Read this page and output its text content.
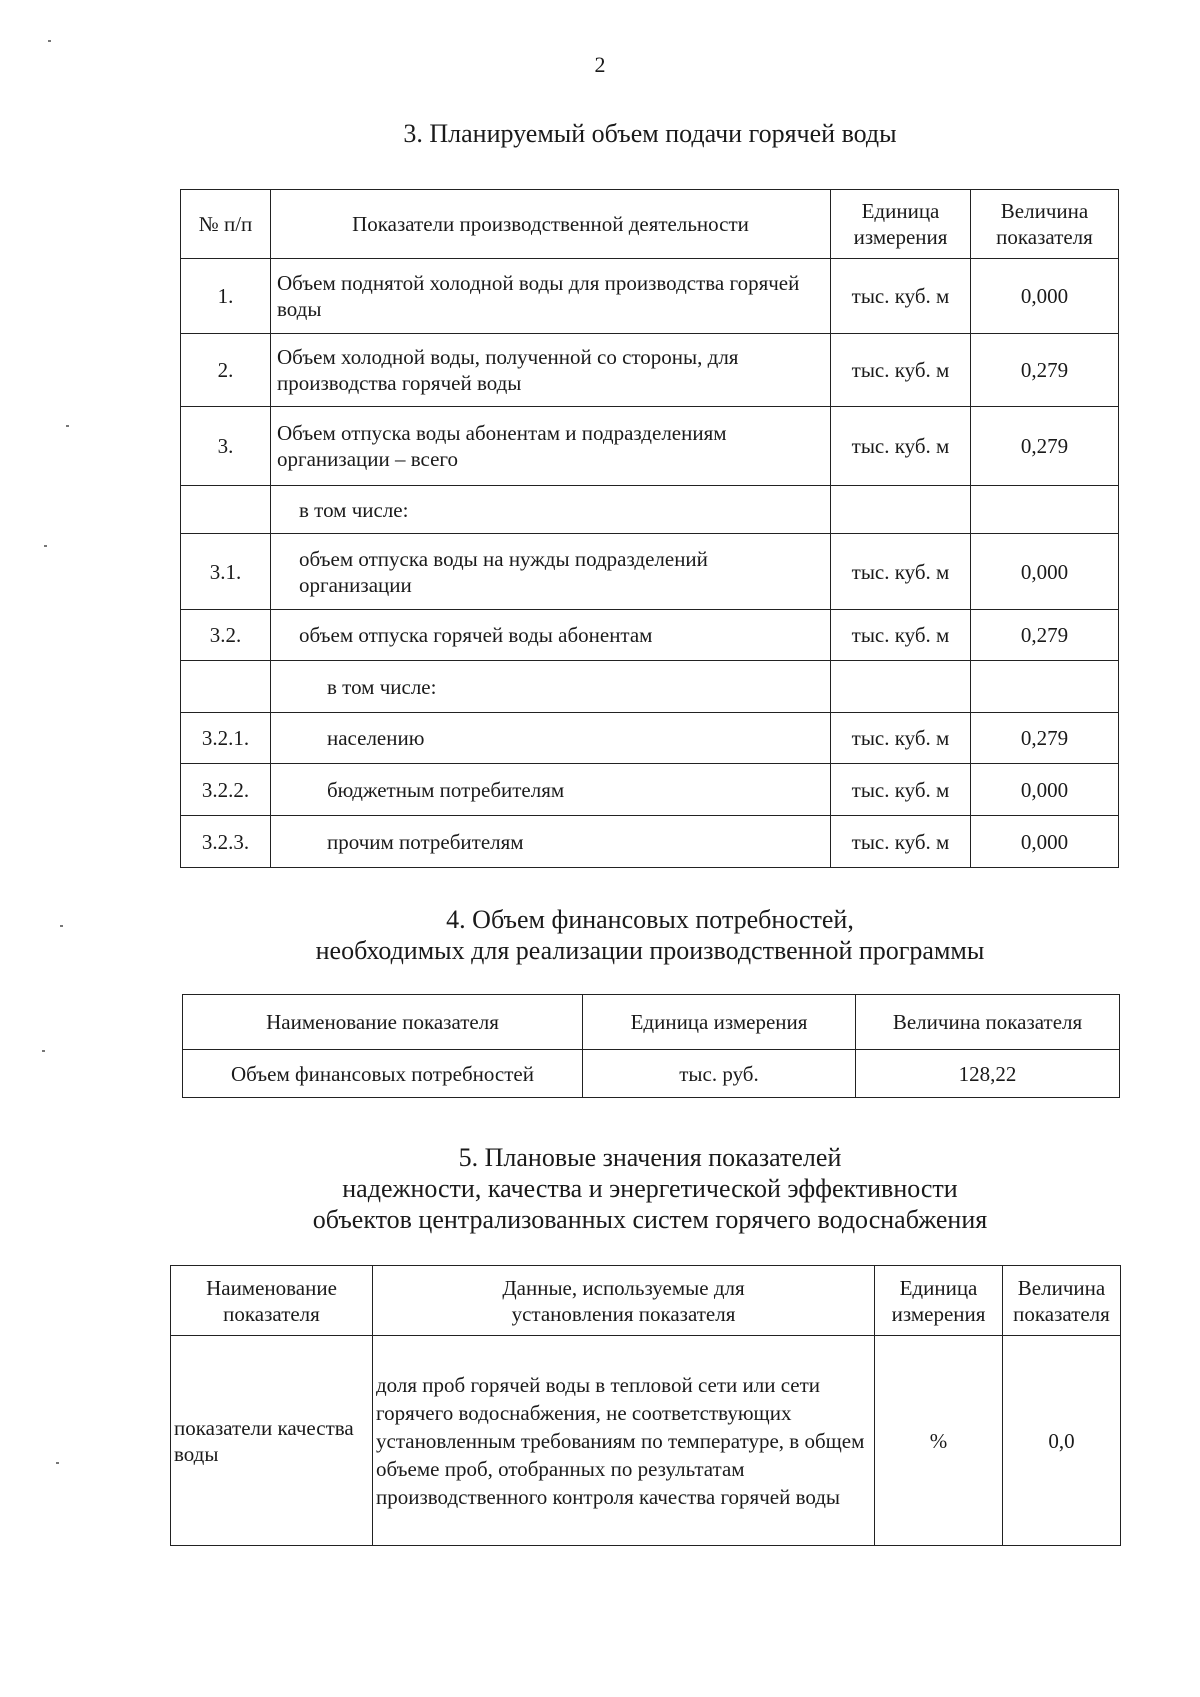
2
3. Планируемый объем подачи горячей воды
№ п/п	Показатели производственной деятельности	Единица измерения	Величина показателя
1.	Объем поднятой холодной воды для производства горячей воды	тыс. куб. м	0,000
2.	Объем холодной воды, полученной со стороны, для производства горячей воды	тыс. куб. м	0,279
3.	Объем отпуска воды абонентам и подразделениям организации – всего	тыс. куб. м	0,279
	в том числе:		
3.1.	объем отпуска воды на нужды подразделений организации	тыс. куб. м	0,000
3.2.	объем отпуска горячей воды абонентам	тыс. куб. м	0,279
	в том числе:		
3.2.1.	населению	тыс. куб. м	0,279
3.2.2.	бюджетным потребителям	тыс. куб. м	0,000
3.2.3.	прочим потребителям	тыс. куб. м	0,000
4. Объем финансовых потребностей,
необходимых для реализации производственной программы
Наименование показателя	Единица измерения	Величина показателя
Объем финансовых потребностей	тыс. руб.	128,22
5. Плановые значения показателей
надежности, качества и энергетической эффективности
объектов централизованных систем горячего водоснабжения
Наименование показателя	Данные, используемые для установления показателя	Единица измерения	Величина показателя
показатели качества воды	доля проб горячей воды в тепловой сети или сети горячего водоснабжения, не соответствующих установленным требованиям по температуре, в общем объеме проб, отобранных по результатам производственного контроля качества горячей воды	%	0,0
